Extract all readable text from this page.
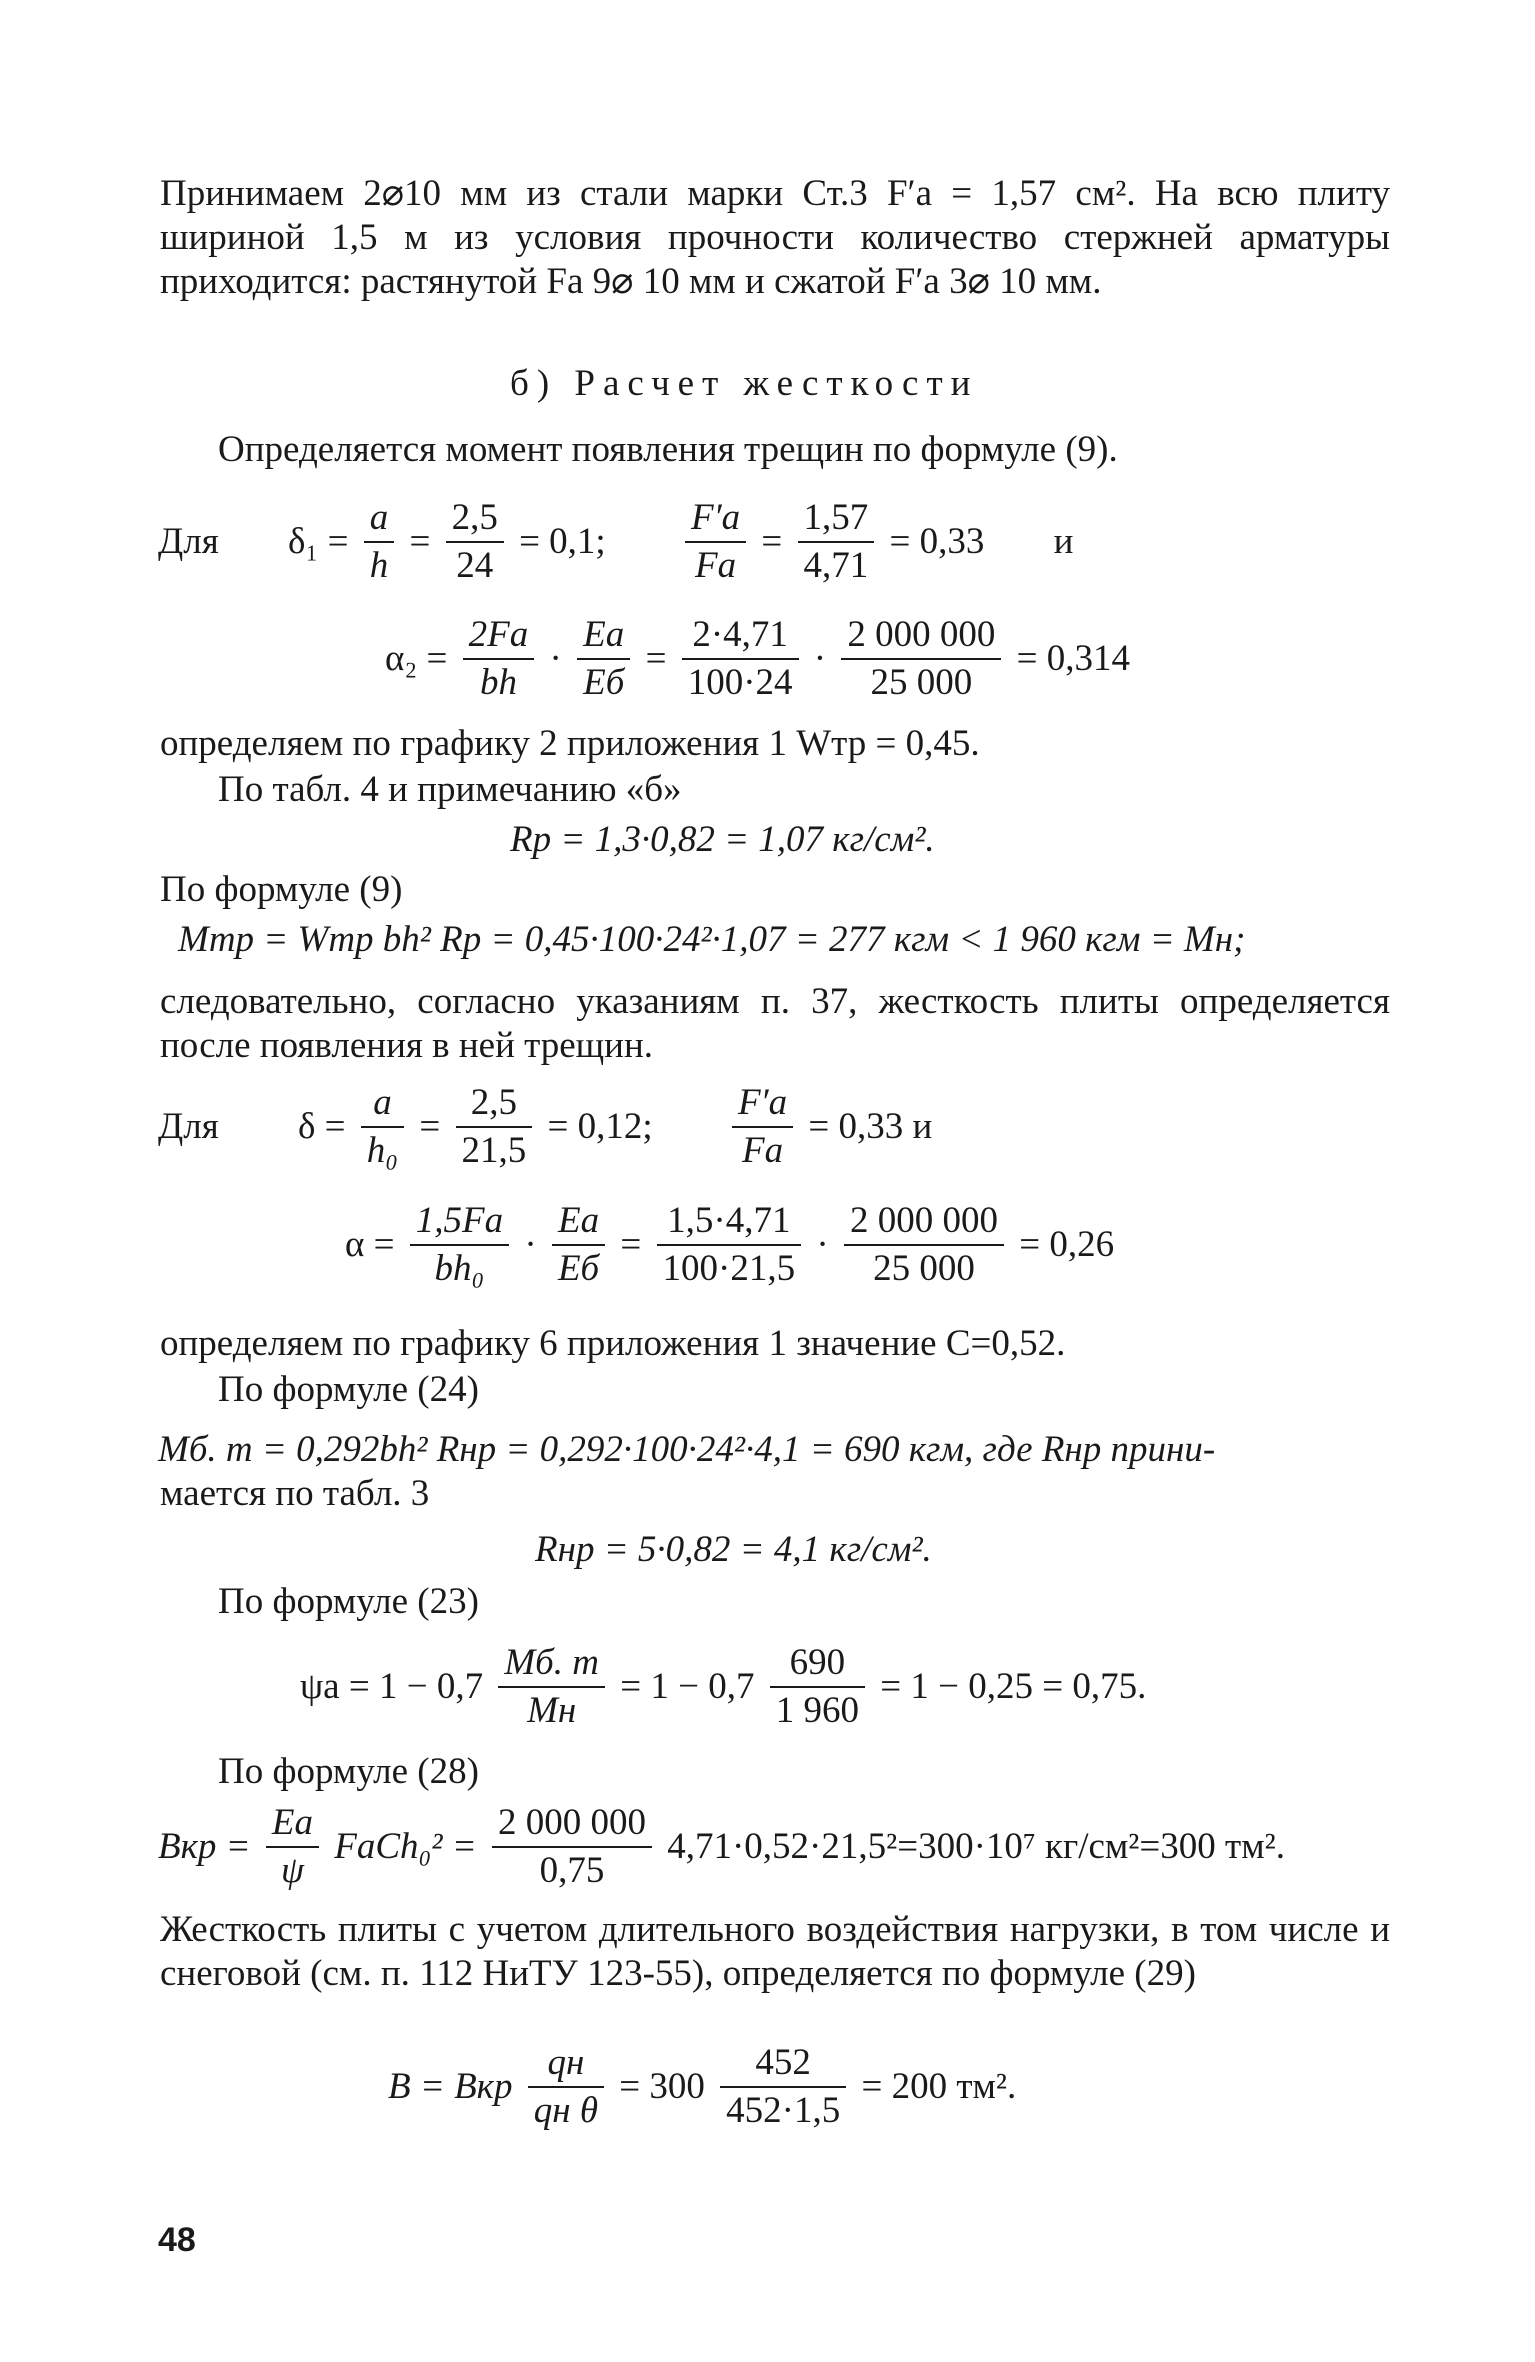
Принимаем 2⌀10 мм из стали марки Ст.3 F′а = 1,57 см². На всю плиту шириной 1,5 м из условия прочности количество стержней арматуры приходится: растянутой Fа 9⌀ 10 мм и сжатой F′а 3⌀ 10 мм.
б) Расчет жесткости
Определяется момент появления трещин по формуле (9).
Для $\delta_1 = \frac{a}{h} = \frac{2,5}{24} = 0,1$; $\frac{F'а}{Fа} = \frac{1,57}{4,71} = 0,33$ и
$\alpha_2 = \frac{2Fа}{bh} \cdot \frac{Eа}{Eб} = \frac{2\cdot 4,71}{100\cdot 24} \cdot \frac{2 000 000}{25 000} = 0,314$
определяем по графику 2 приложения 1 Wтр = 0,45.
По табл. 4 и примечанию «б»
Rр = 1,3·0,82 = 1,07 кг/см².
По формуле (9)
Mтр = Wтр bh² Rр = 0,45·100·24²·1,07 = 277 кгм < 1 960 кгм = Mн;
следовательно, согласно указаниям п. 37, жесткость плиты определяется после появления в ней трещин.
Для $\delta = \frac{a}{\text{h₀}} = \frac{2,5}{21,5} = 0,12$; $\frac{F'а}{Fа} = 0,33$ и
$\alpha = \frac{1,5Fа}{\text{bh₀}} \cdot \frac{Eа}{Eб} = \frac{1,5\cdot 4,71}{100\cdot 21,5} \cdot \frac{2 000 000}{25 000} = 0,26$
определяем по графику 6 приложения 1 значение C=0,52.
По формуле (24)
Mб. т = 0,292bh² Rнр = 0,292·100·24²·4,1 = 690 кгм, где Rнр прини-
мается по табл. 3
Rнр = 5·0,82 = 4,1 кг/см².
По формуле (23)
$\psi а = 1 - 0,7 \frac{Mб. т}{Mн} = 1 - 0,7 \frac{690}{1 960} = 1 - 0,25 = 0,75$.
По формуле (28)
Bкр = $\frac{Eа}{\psi}$ FаCh₀² = $\frac{2 000 000}{0,75} 4,71\cdot 0,52\cdot 21,5^2=300\cdot 10^7$ кг/см²=300 тм².
Жесткость плиты с учетом длительного воздействия нагрузки, в том числе и снеговой (см. п. 112 НиТУ 123-55), определяется по формуле (29)
B = Bкр $\frac{qн}{\text{qн θ}} = 300 \frac{452}{452\cdot 1,5} = 200$ тм².
48
